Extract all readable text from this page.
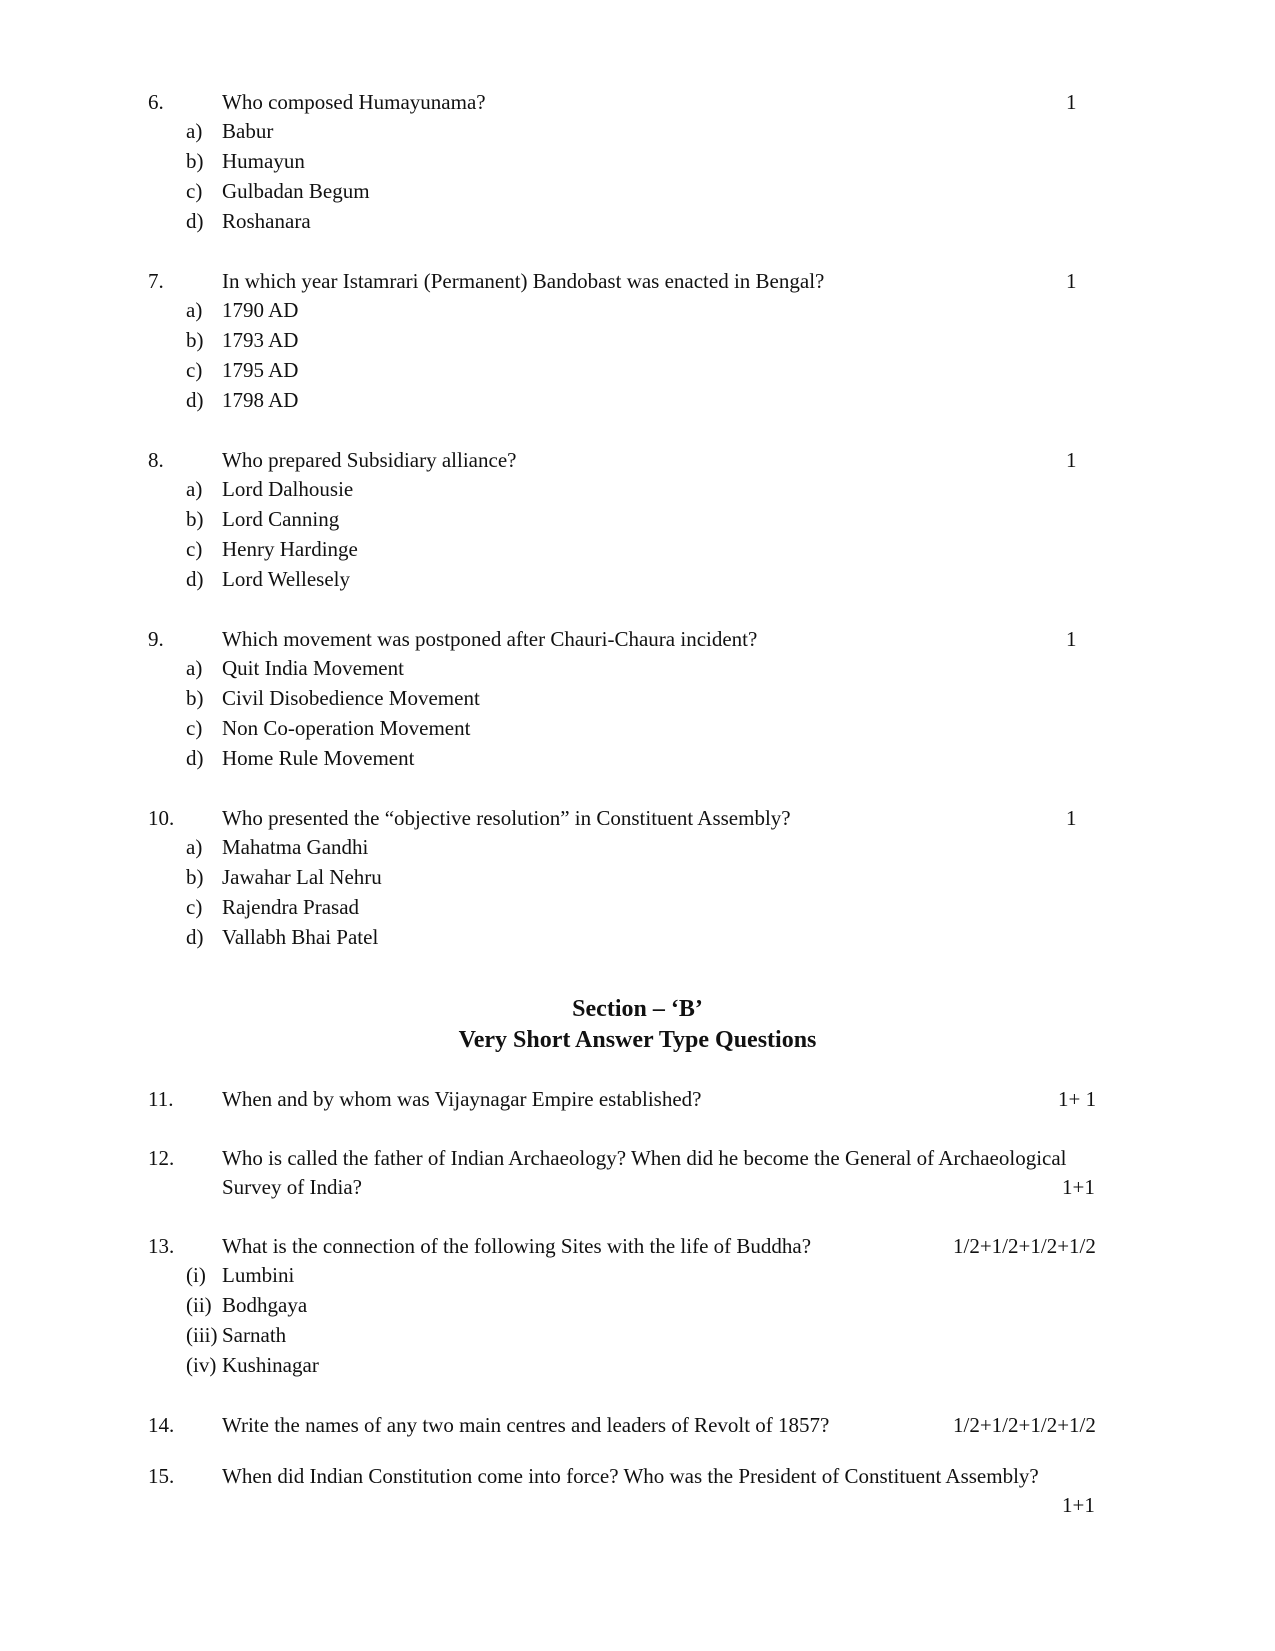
6.	Who composed Humayunama?	1
a) Babur
b) Humayun
c) Gulbadan Begum
d) Roshanara
7.	In which year Istamrari (Permanent) Bandobast was enacted in Bengal?	1
a) 1790 AD
b) 1793 AD
c) 1795 AD
d) 1798 AD
8.	Who prepared Subsidiary alliance?	1
a) Lord Dalhousie
b) Lord Canning
c) Henry Hardinge
d) Lord Wellesely
9.	Which movement was postponed after Chauri-Chaura incident?	1
a) Quit India Movement
b) Civil Disobedience Movement
c) Non Co-operation Movement
d) Home Rule Movement
10. Who presented the “objective resolution” in Constituent Assembly?	1
a) Mahatma Gandhi
b) Jawahar Lal Nehru
c) Rajendra Prasad
d) Vallabh Bhai Patel
Section – ‘B’
Very Short Answer Type Questions
11. When and by whom was Vijaynagar Empire established?	1+ 1
12. Who is called the father of Indian Archaeology? When did he become the General of Archaeological
Survey of India?	1+1
13. What is the connection of the following Sites with the life of Buddha?	1/2+1/2+1/2+1/2
(i) Lumbini
(ii) Bodhgaya
(iii) Sarnath
(iv) Kushinagar
14. Write the names of any two main centres and leaders of Revolt of 1857?	1/2+1/2+1/2+1/2
15. When did Indian Constitution come into force? Who was the President of Constituent Assembly?
1+1
